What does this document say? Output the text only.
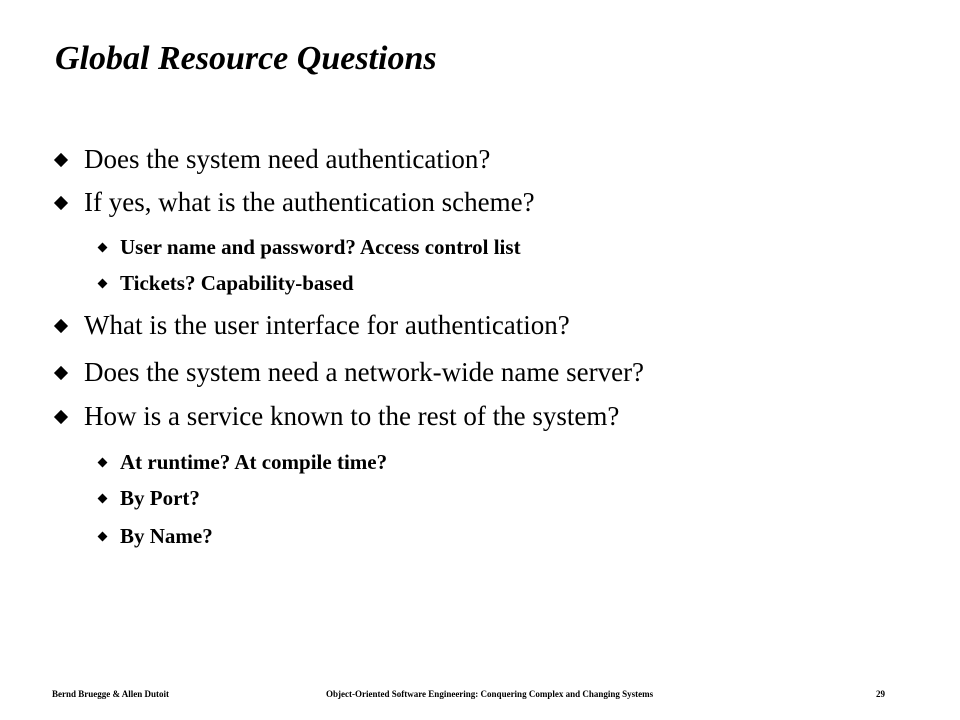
Global Resource Questions
Does the system need authentication?
If yes, what is the authentication scheme?
User name and password? Access control list
Tickets? Capability-based
What is the user interface for authentication?
Does the system need a network-wide name server?
How is a service known to the rest of the system?
At runtime? At compile time?
By Port?
By Name?
Bernd Bruegge & Allen Dutoit	Object-Oriented Software Engineering: Conquering Complex and Changing Systems	29
